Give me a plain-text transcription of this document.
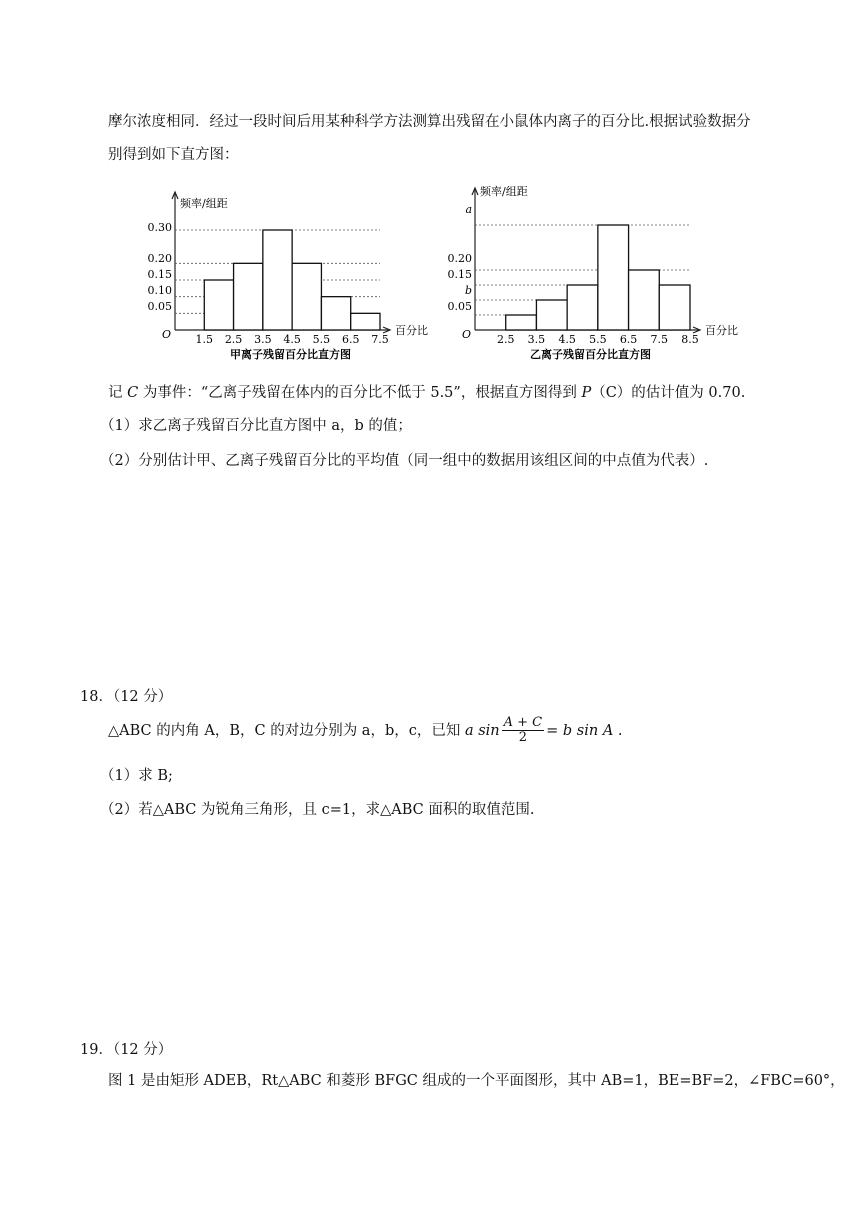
摩尔浓度相同．经过一段时间后用某种科学方法测算出残留在小鼠体内离子的百分比.根据试验数据分
别得到如下直方图：
频率/组距
百分比
O
甲离子残留百分比直方图
0.30
0.20
0.15
0.10
0.05
1.5 2.5 3.5 4.5 5.5 6.5 7.5
频率/组距
百分比
O
乙离子残留百分比直方图
a
0.20
0.15
b
0.05
2.5 3.5 4.5 5.5 6.5 7.5 8.5
记 C 为事件：“乙离子残留在体内的百分比不低于 5.5”，根据直方图得到 P（C）的估计值为 0.70.
（1）求乙离子残留百分比直方图中 a，b 的值；
（2）分别估计甲、乙离子残留百分比的平均值（同一组中的数据用该组区间的中点值为代表）.
18．（12 分）
△ABC 的内角 A，B，C 的对边分别为 a，b，c，已知 a $\sin \frac{A + C}{2} = b$ sin A .
（1）求 B;
（2）若△ABC 为锐角三角形，且 c=1，求△ABC 面积的取值范围.
19．（12 分）
图 1 是由矩形 ADEB，Rt△ABC 和菱形 BFGC 组成的一个平面图形，其中 AB=1，BE=BF=2，∠FBC=60°，
